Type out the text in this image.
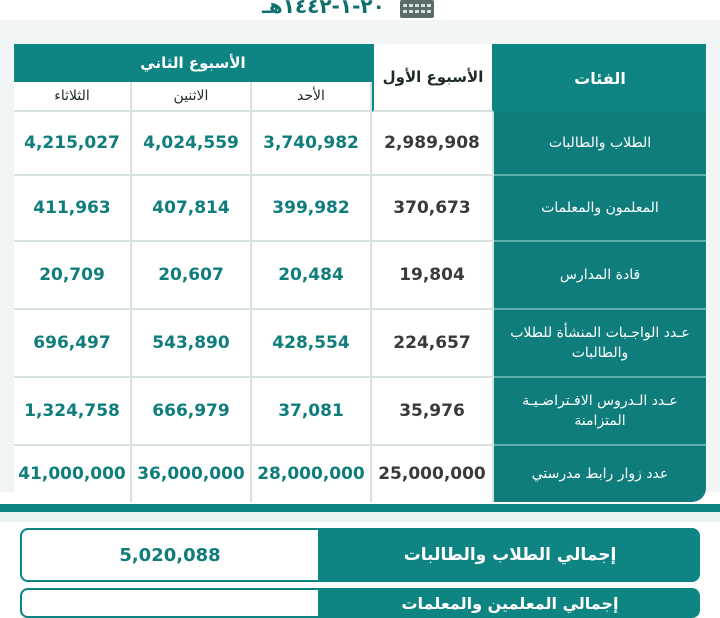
٢٠-١-١٤٤٢هـ
الفئات
الأسبوع الأول
الأسبوع الثاني
الأحد
الاثنين
الثلاثاء
الطلاب والطالبات
2,989,908
3,740,982
4,024,559
4,215,027
المعلمون والمعلمات
370,673
399,982
407,814
411,963
قادة المدارس
19,804
20,484
20,607
20,709
عـدد الواجـبات المنشأة للطلاب والطالبات
224,657
428,554
543,890
696,497
عـدد الـدروس الافـتراضـيـة المتزامنة
35,976
37,081
666,979
1,324,758
عدد زوار رابط مدرستي
25,000,000
28,000,000
36,000,000
41,000,000
إجمالي الطلاب والطالبات
5,020,088
إجمالي المعلمين والمعلمات
